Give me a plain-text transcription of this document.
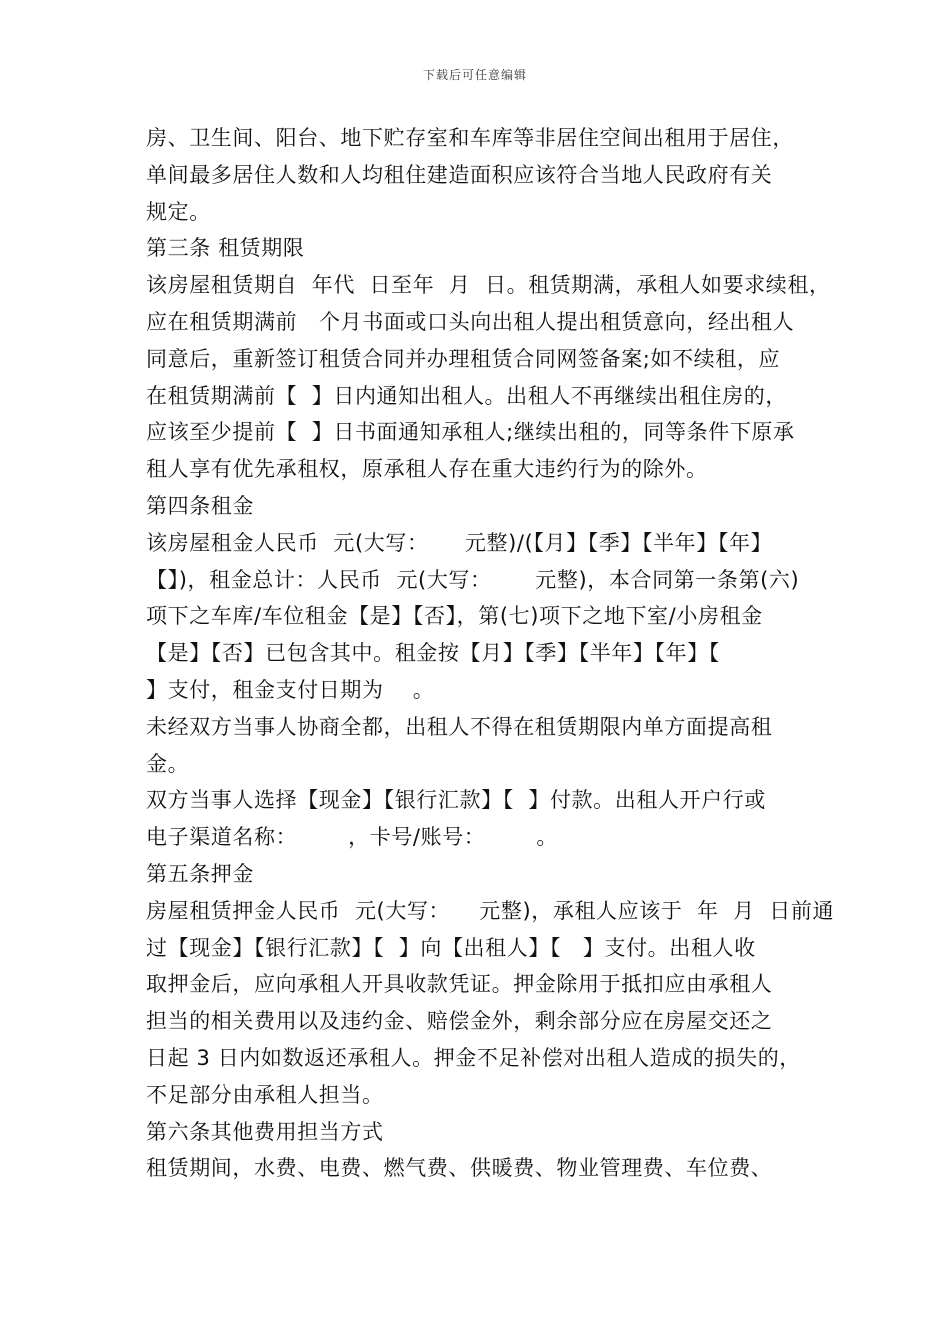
下载后可任意编辑
房、卫生间、阳台、地下贮存室和车库等非居住空间出租用于居住，
单间最多居住人数和人均租住建造面积应该符合当地人民政府有关
规定。
第三条 租赁期限
该房屋租赁期自  年代  日至年  月  日。租赁期满，承租人如要求续租，
应在租赁期满前   个月书面或口头向出租人提出租赁意向，经出租人
同意后，重新签订租赁合同并办理租赁合同网签备案;如不续租，应
在租赁期满前【  】日内通知出租人。出租人不再继续出租住房的，
应该至少提前【  】日书面通知承租人;继续出租的，同等条件下原承
租人享有优先承租权，原承租人存在重大违约行为的除外。
第四条租金
该房屋租金人民币  元(大写：     元整)/(【月】【季】【半年】【年】
【】)，租金总计：人民币  元(大写：      元整)，本合同第一条第(六)
项下之车库/车位租金【是】【否】，第(七)项下之地下室/小房租金
【是】【否】已包含其中。租金按【月】【季】【半年】【年】【
】支付，租金支付日期为    。
未经双方当事人协商全都，出租人不得在租赁期限内单方面提高租
金。
双方当事人选择【现金】【银行汇款】【  】付款。出租人开户行或
电子渠道名称：       ，卡号/账号：       。
第五条押金
房屋租赁押金人民币  元(大写：    元整)，承租人应该于  年  月  日前通
过【现金】【银行汇款】【  】向【出租人】【   】支付。出租人收
取押金后，应向承租人开具收款凭证。押金除用于抵扣应由承租人
担当的相关费用以及违约金、赔偿金外，剩余部分应在房屋交还之
日起 3 日内如数返还承租人。押金不足补偿对出租人造成的损失的，
不足部分由承租人担当。
第六条其他费用担当方式
租赁期间，水费、电费、燃气费、供暖费、物业管理费、车位费、
